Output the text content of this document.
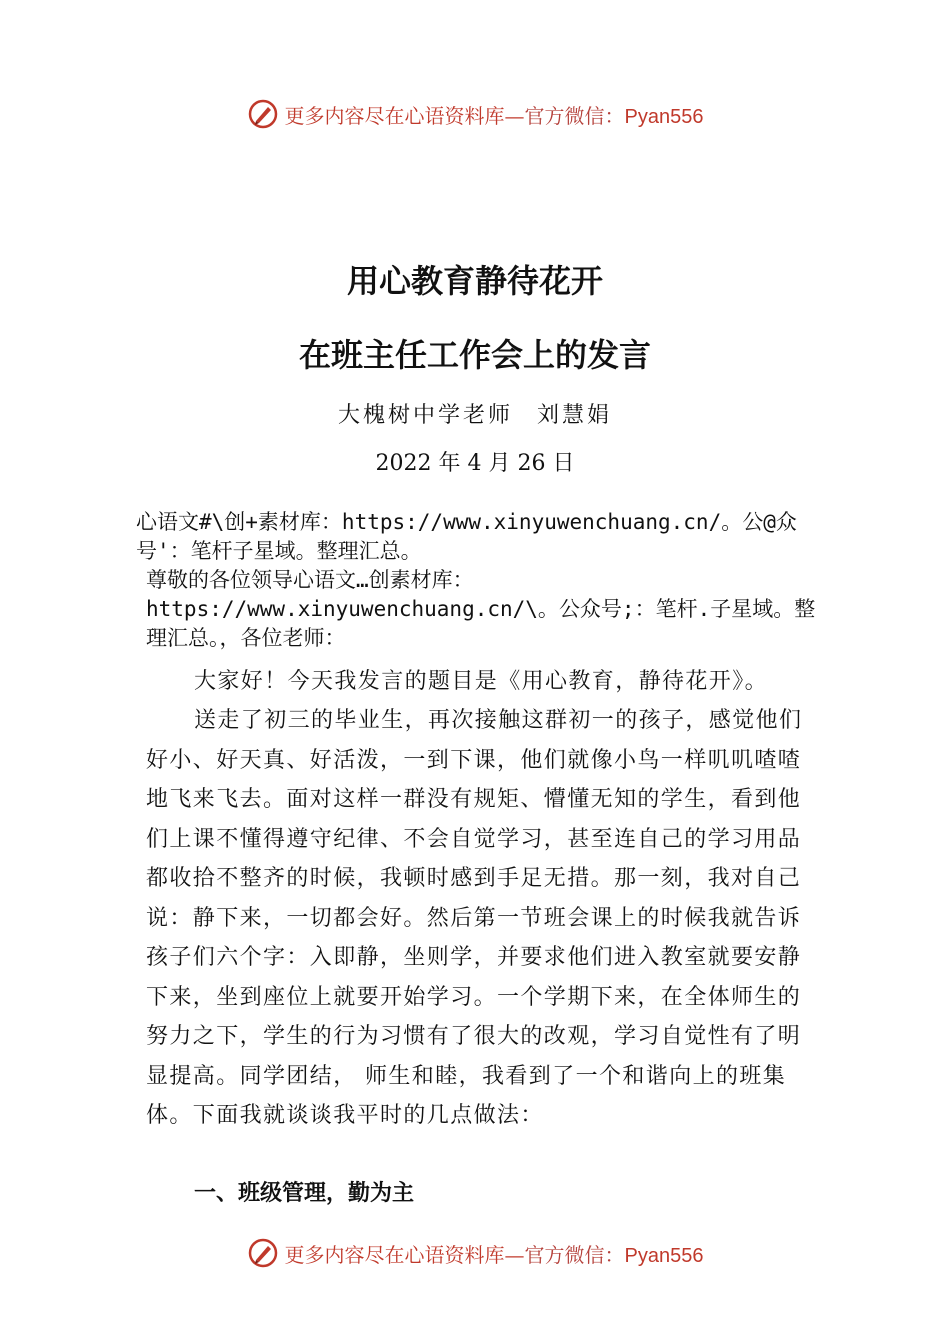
更多内容尽在心语资料库—官方微信：Pyan556
用心教育静待花开
在班主任工作会上的发言
大槐树中学老师 刘慧娟
2022 年 4 月 26 日
心语文#\创+素材库：https://www.xinyuwenchuang.cn/。公@众号'：笔杆子星域。整理汇总。
尊敬的各位领导心语文…创素材库：https://www.xinyuwenchuang.cn/\。公众号;：笔杆.子星域。整理汇总。，各位老师：
大家好！今天我发言的题目是《用心教育，静待花开》。
送走了初三的毕业生，再次接触这群初一的孩子，感觉他们好小、好天真、好活泼，一到下课，他们就像小鸟一样叽叽喳喳地飞来飞去。面对这样一群没有规矩、懵懂无知的学生，看到他们上课不懂得遵守纪律、不会自觉学习，甚至连自己的学习用品都收拾不整齐的时候，我顿时感到手足无措。那一刻，我对自己说：静下来，一切都会好。然后第一节班会课上的时候我就告诉孩子们六个字：入即静，坐则学，并要求他们进入教室就要安静下来，坐到座位上就要开始学习。一个学期下来，在全体师生的努力之下，学生的行为习惯有了很大的改观，学习自觉性有了明显提高。同学团结， 师生和睦，我看到了一个和谐向上的班集体。下面我就谈谈我平时的几点做法：
一、班级管理，勤为主
更多内容尽在心语资料库—官方微信：Pyan556
